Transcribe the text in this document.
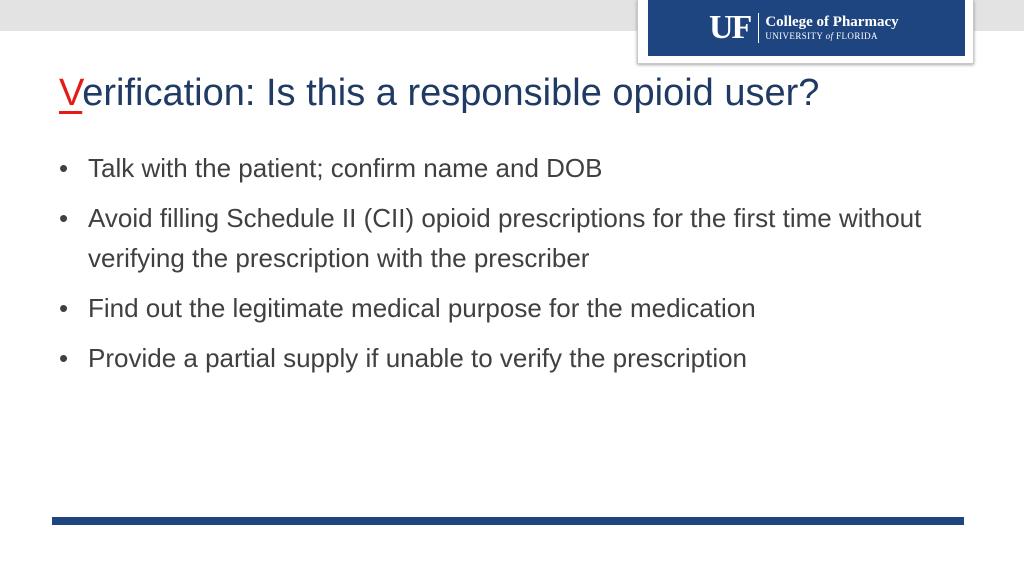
UF College of Pharmacy
UNIVERSITY of FLORIDA
Verification: Is this a responsible opioid user?
• Talk with the patient; confirm name and DOB
• Avoid filling Schedule II (CII) opioid prescriptions for the first time without verifying the prescription with the prescriber
• Find out the legitimate medical purpose for the medication
• Provide a partial supply if unable to verify the prescription
